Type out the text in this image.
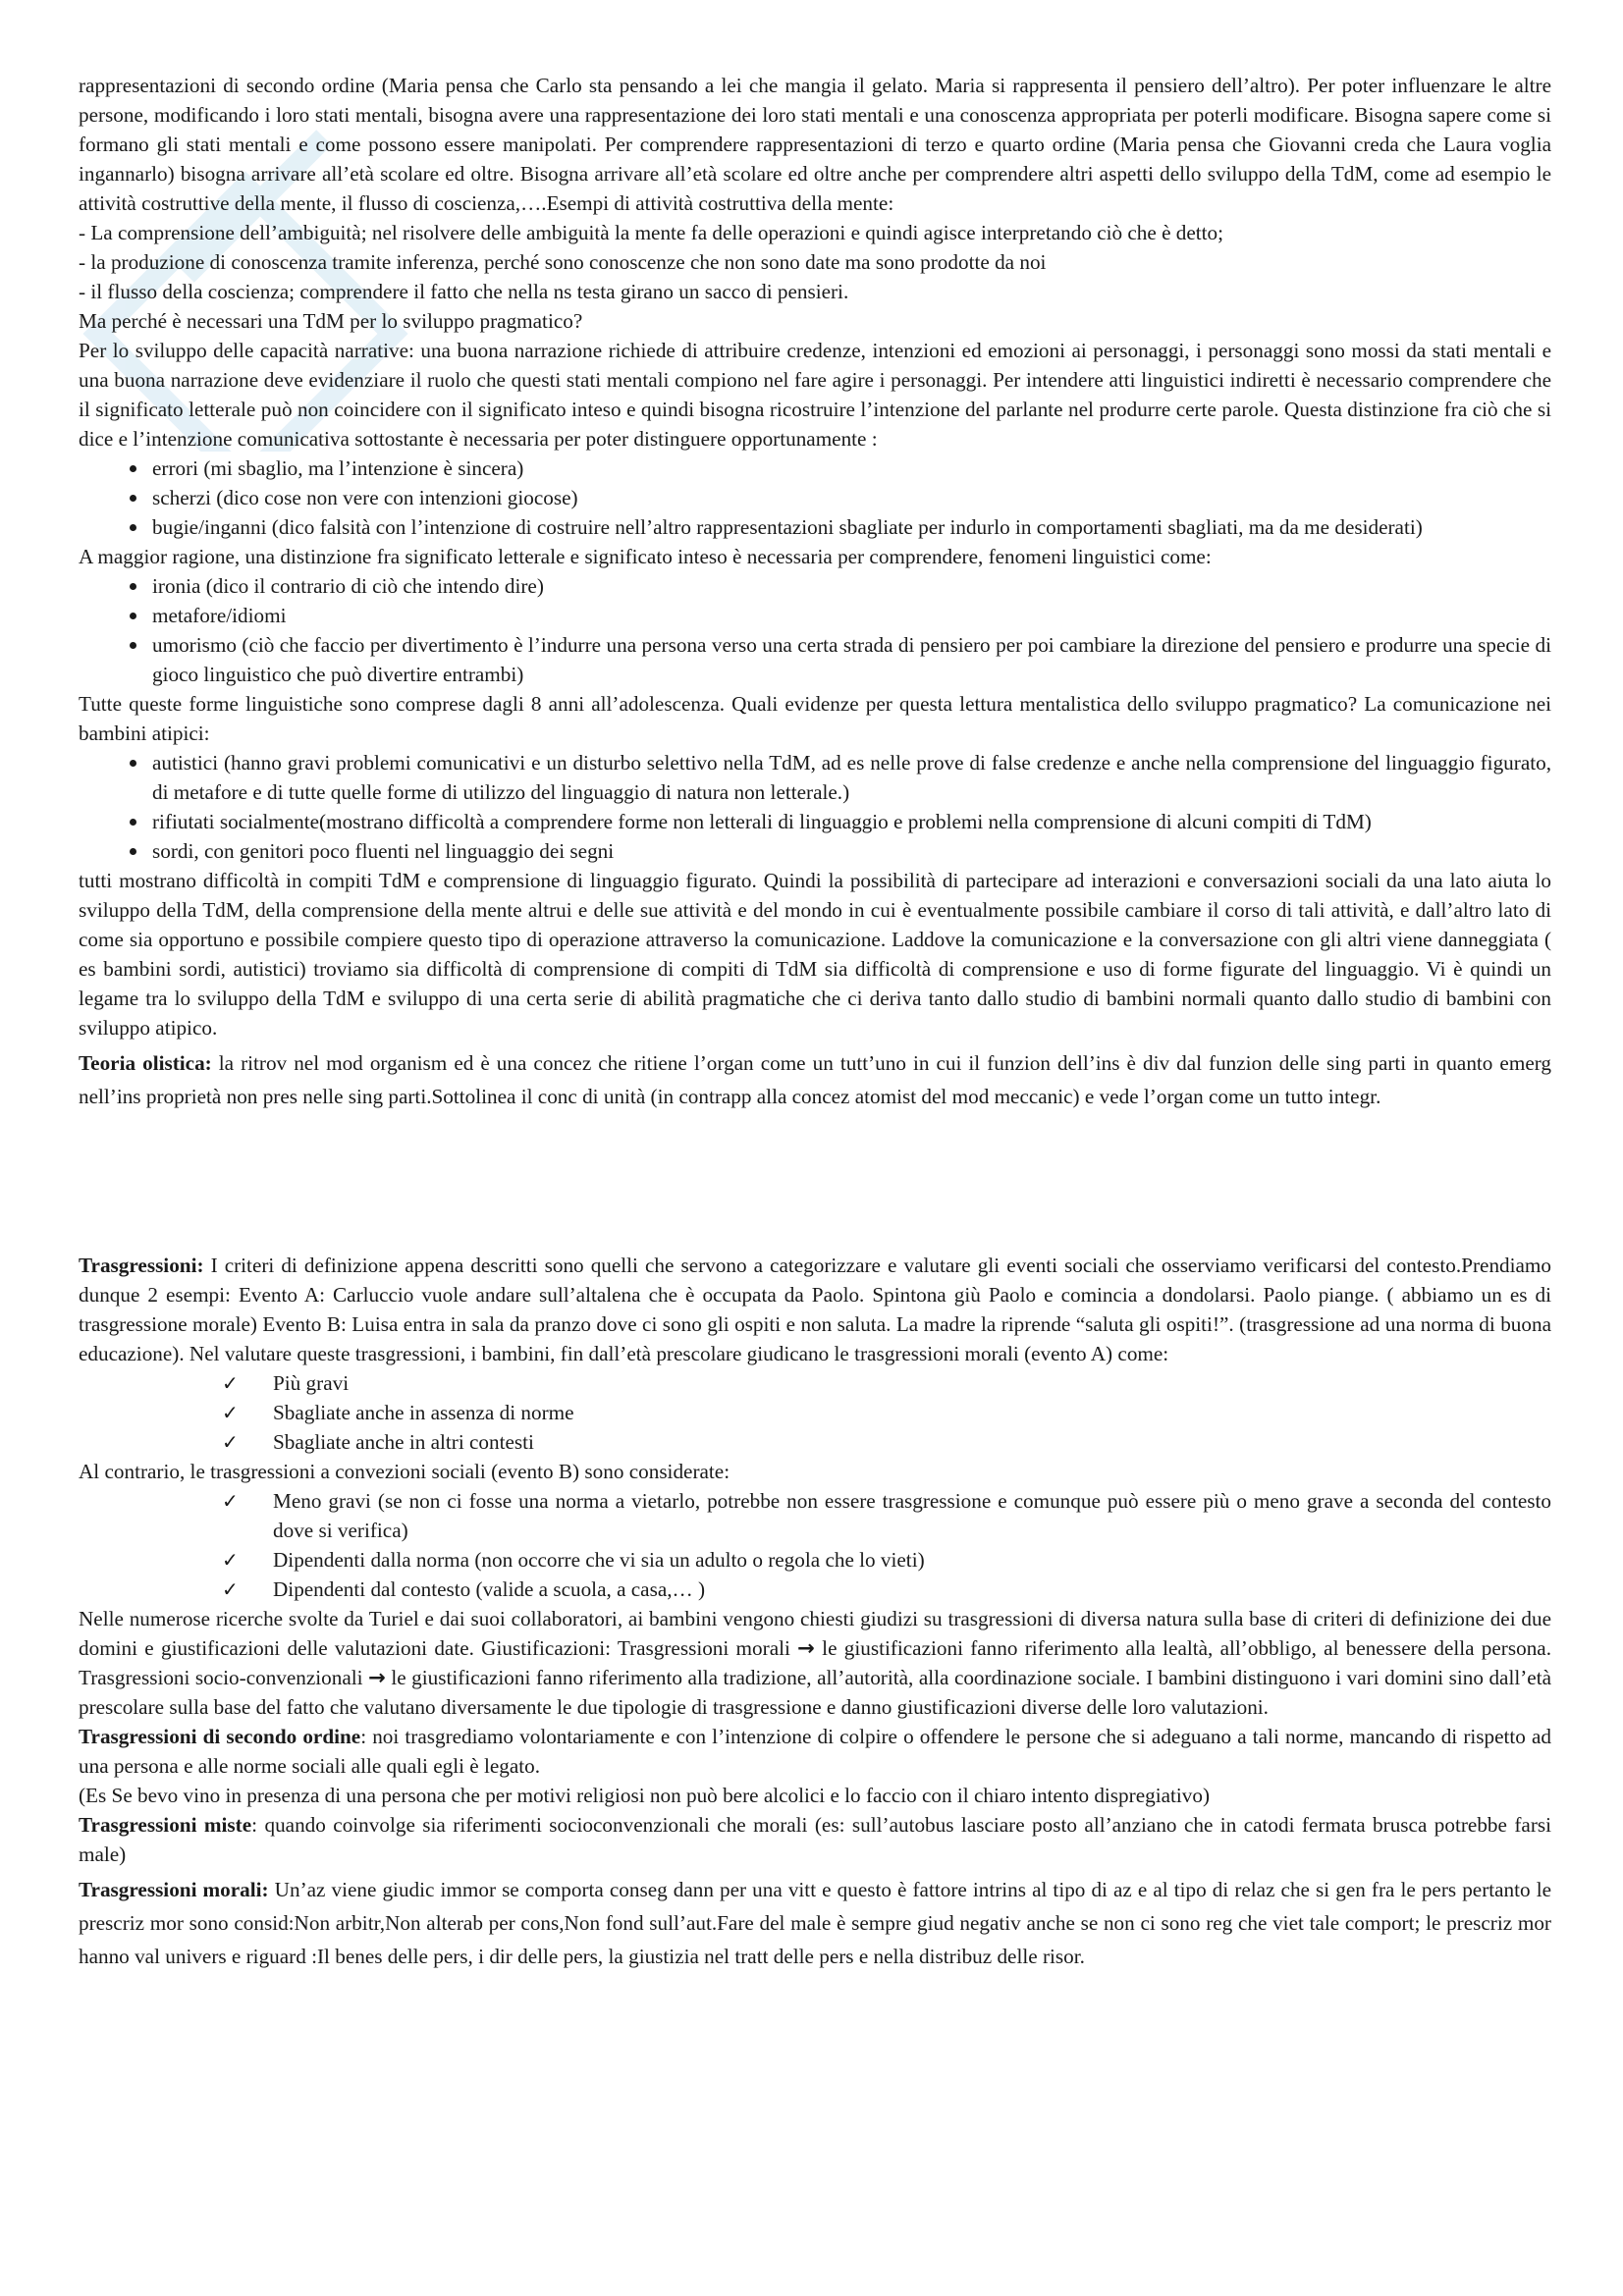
rappresentazioni di secondo ordine (Maria pensa che Carlo sta pensando a lei che mangia il gelato. Maria si rappresenta il pensiero dell’altro). Per poter influenzare le altre persone, modificando i loro stati mentali, bisogna avere una rappresentazione dei loro stati mentali e una conoscenza appropriata per poterli modificare. Bisogna sapere come si formano gli stati mentali e come possono essere manipolati. Per comprendere rappresentazioni di terzo e quarto ordine (Maria pensa che Giovanni creda che Laura voglia ingannarlo) bisogna arrivare all’età scolare ed oltre. Bisogna arrivare all’età scolare ed oltre anche per comprendere altri aspetti dello sviluppo della TdM, come ad esempio le attività costruttive della mente, il flusso di coscienza,….Esempi di attività costruttiva della mente:

- La comprensione dell’ambiguità; nel risolvere delle ambiguità la mente fa delle operazioni e quindi agisce interpretando ciò che è detto;

- la produzione di conoscenza tramite inferenza, perché sono conoscenze che non sono date ma sono prodotte da noi

- il flusso della coscienza; comprendere il fatto che nella ns testa girano un sacco di pensieri.

Ma perché è necessari una TdM per lo sviluppo pragmatico?

Per lo sviluppo delle capacità narrative: una buona narrazione richiede di attribuire credenze, intenzioni ed emozioni ai personaggi, i personaggi sono mossi da stati mentali e una buona narrazione deve evidenziare il ruolo che questi stati mentali compiono nel fare agire i personaggi. Per intendere atti linguistici indiretti è necessario comprendere che il significato letterale può non coincidere con il significato inteso e quindi bisogna ricostruire l’intenzione del parlante nel produrre certe parole. Questa distinzione fra ciò che si dice e l’intenzione comunicativa sottostante è necessaria per poter distinguere opportunamente :

errori (mi sbaglio, ma l’intenzione è sincera)
scherzi (dico cose non vere con intenzioni giocose)
bugie/inganni (dico falsità con l’intenzione di costruire nell’altro rappresentazioni sbagliate per indurlo in comportamenti sbagliati, ma da me desiderati)

A maggior ragione, una distinzione fra significato letterale e significato inteso è necessaria per comprendere, fenomeni linguistici come:

ironia (dico il contrario di ciò che intendo dire)
metafore/idiomi
umorismo (ciò che faccio per divertimento è l’indurre una persona verso una certa strada di pensiero per poi cambiare la direzione del pensiero e produrre una specie di gioco linguistico che può divertire entrambi)

Tutte queste forme linguistiche sono comprese dagli 8 anni all’adolescenza. Quali evidenze per questa lettura mentalistica dello sviluppo pragmatico? La comunicazione nei bambini atipici:

autistici (hanno gravi problemi comunicativi e un disturbo selettivo nella TdM, ad es nelle prove di false credenze e anche nella comprensione del linguaggio figurato, di metafore e di tutte quelle forme di utilizzo del linguaggio di natura non letterale.)
rifiutati socialmente(mostrano difficoltà a comprendere forme non letterali di linguaggio e problemi nella comprensione di alcuni compiti di TdM)
sordi, con genitori poco fluenti nel linguaggio dei segni

tutti mostrano difficoltà in compiti TdM e comprensione di linguaggio figurato. Quindi la possibilità di partecipare ad interazioni e conversazioni sociali da una lato aiuta lo sviluppo della TdM, della comprensione della mente altrui e delle sue attività e del mondo in cui è eventualmente possibile cambiare il corso di tali attività, e dall’altro lato di come sia opportuno e possibile compiere questo tipo di operazione attraverso la comunicazione. Laddove la comunicazione e la conversazione con gli altri viene danneggiata ( es bambini sordi, autistici) troviamo sia difficoltà di comprensione di compiti di TdM sia difficoltà di comprensione e uso di forme figurate del linguaggio. Vi è quindi un legame tra lo sviluppo della TdM e sviluppo di una certa serie di abilità pragmatiche che ci deriva tanto dallo studio di bambini normali quanto dallo studio di bambini con sviluppo atipico.

Teoria olistica: la ritrov nel mod organism ed è una concez che ritiene l’organ come un tutt’uno in cui il funzion dell’ins è div dal funzion delle sing parti in quanto emerg nell’ins proprietà non pres nelle sing parti.Sottolinea il conc di unità (in contrapp alla concez atomist del mod meccanic) e vede l’organ come un tutto integr.

Trasgressioni: I criteri di definizione appena descritti sono quelli che servono a categorizzare e valutare gli eventi sociali che osserviamo verificarsi del contesto.Prendiamo dunque 2 esempi: Evento A: Carluccio vuole andare sull’altalena che è occupata da Paolo. Spintona giù Paolo e comincia a dondolarsi. Paolo piange. ( abbiamo un es di trasgressione morale) Evento B: Luisa entra in sala da pranzo dove ci sono gli ospiti e non saluta. La madre la riprende “saluta gli ospiti!”. (trasgressione ad una norma di buona educazione). Nel valutare queste trasgressioni, i bambini, fin dall’età prescolare giudicano le trasgressioni morali (evento A) come:

✓ Più gravi
✓ Sbagliate anche in assenza di norme
✓ Sbagliate anche in altri contesti

Al contrario, le trasgressioni a convezioni sociali (evento B) sono considerate:

✓ Meno gravi (se non ci fosse una norma a vietarlo, potrebbe non essere trasgressione e comunque può essere più o meno grave a seconda del contesto dove si verifica)
✓ Dipendenti dalla norma (non occorre che vi sia un adulto o regola che lo vieti)
✓ Dipendenti dal contesto (valide a scuola, a casa,… )

Nelle numerose ricerche svolte da Turiel e dai suoi collaboratori, ai bambini vengono chiesti giudizi su trasgressioni di diversa natura sulla base di criteri di definizione dei due domini e giustificazioni delle valutazioni date. Giustificazioni: Trasgressioni morali → le giustificazioni fanno riferimento alla lealtà, all’obbligo, al benessere della persona. Trasgressioni socio-convenzionali → le giustificazioni fanno riferimento alla tradizione, all’autorità, alla coordinazione sociale. I bambini distinguono i vari domini sino dall’età prescolare sulla base del fatto che valutano diversamente le due tipologie di trasgressione e danno giustificazioni diverse delle loro valutazioni.

Trasgressioni di secondo ordine: noi trasgrediamo volontariamente e con l’intenzione di colpire o offendere le persone che si adeguano a tali norme, mancando di rispetto ad una persona e alle norme sociali alle quali egli è legato.

(Es Se bevo vino in presenza di una persona che per motivi religiosi non può bere alcolici e lo faccio con il chiaro intento dispregiativo)

Trasgressioni miste: quando coinvolge sia riferimenti socioconvenzionali che morali (es: sull’autobus lasciare posto all’anziano che in catodi fermata brusca potrebbe farsi male)

Trasgressioni morali: Un’az viene giudic immor se comporta conseg dann per una vitt e questo è fattore intrins al tipo di az e al tipo di relaz che si gen fra le pers pertanto le prescriz mor sono consid:Non arbitr,Non alterab per cons,Non fond sull’aut.Fare del male è sempre giud negativ anche se non ci sono reg che viet tale comport; le prescriz mor hanno val univers e riguard :Il benes delle pers, i dir delle pers, la giustizia nel tratt delle pers e nella distribuz delle risor.
